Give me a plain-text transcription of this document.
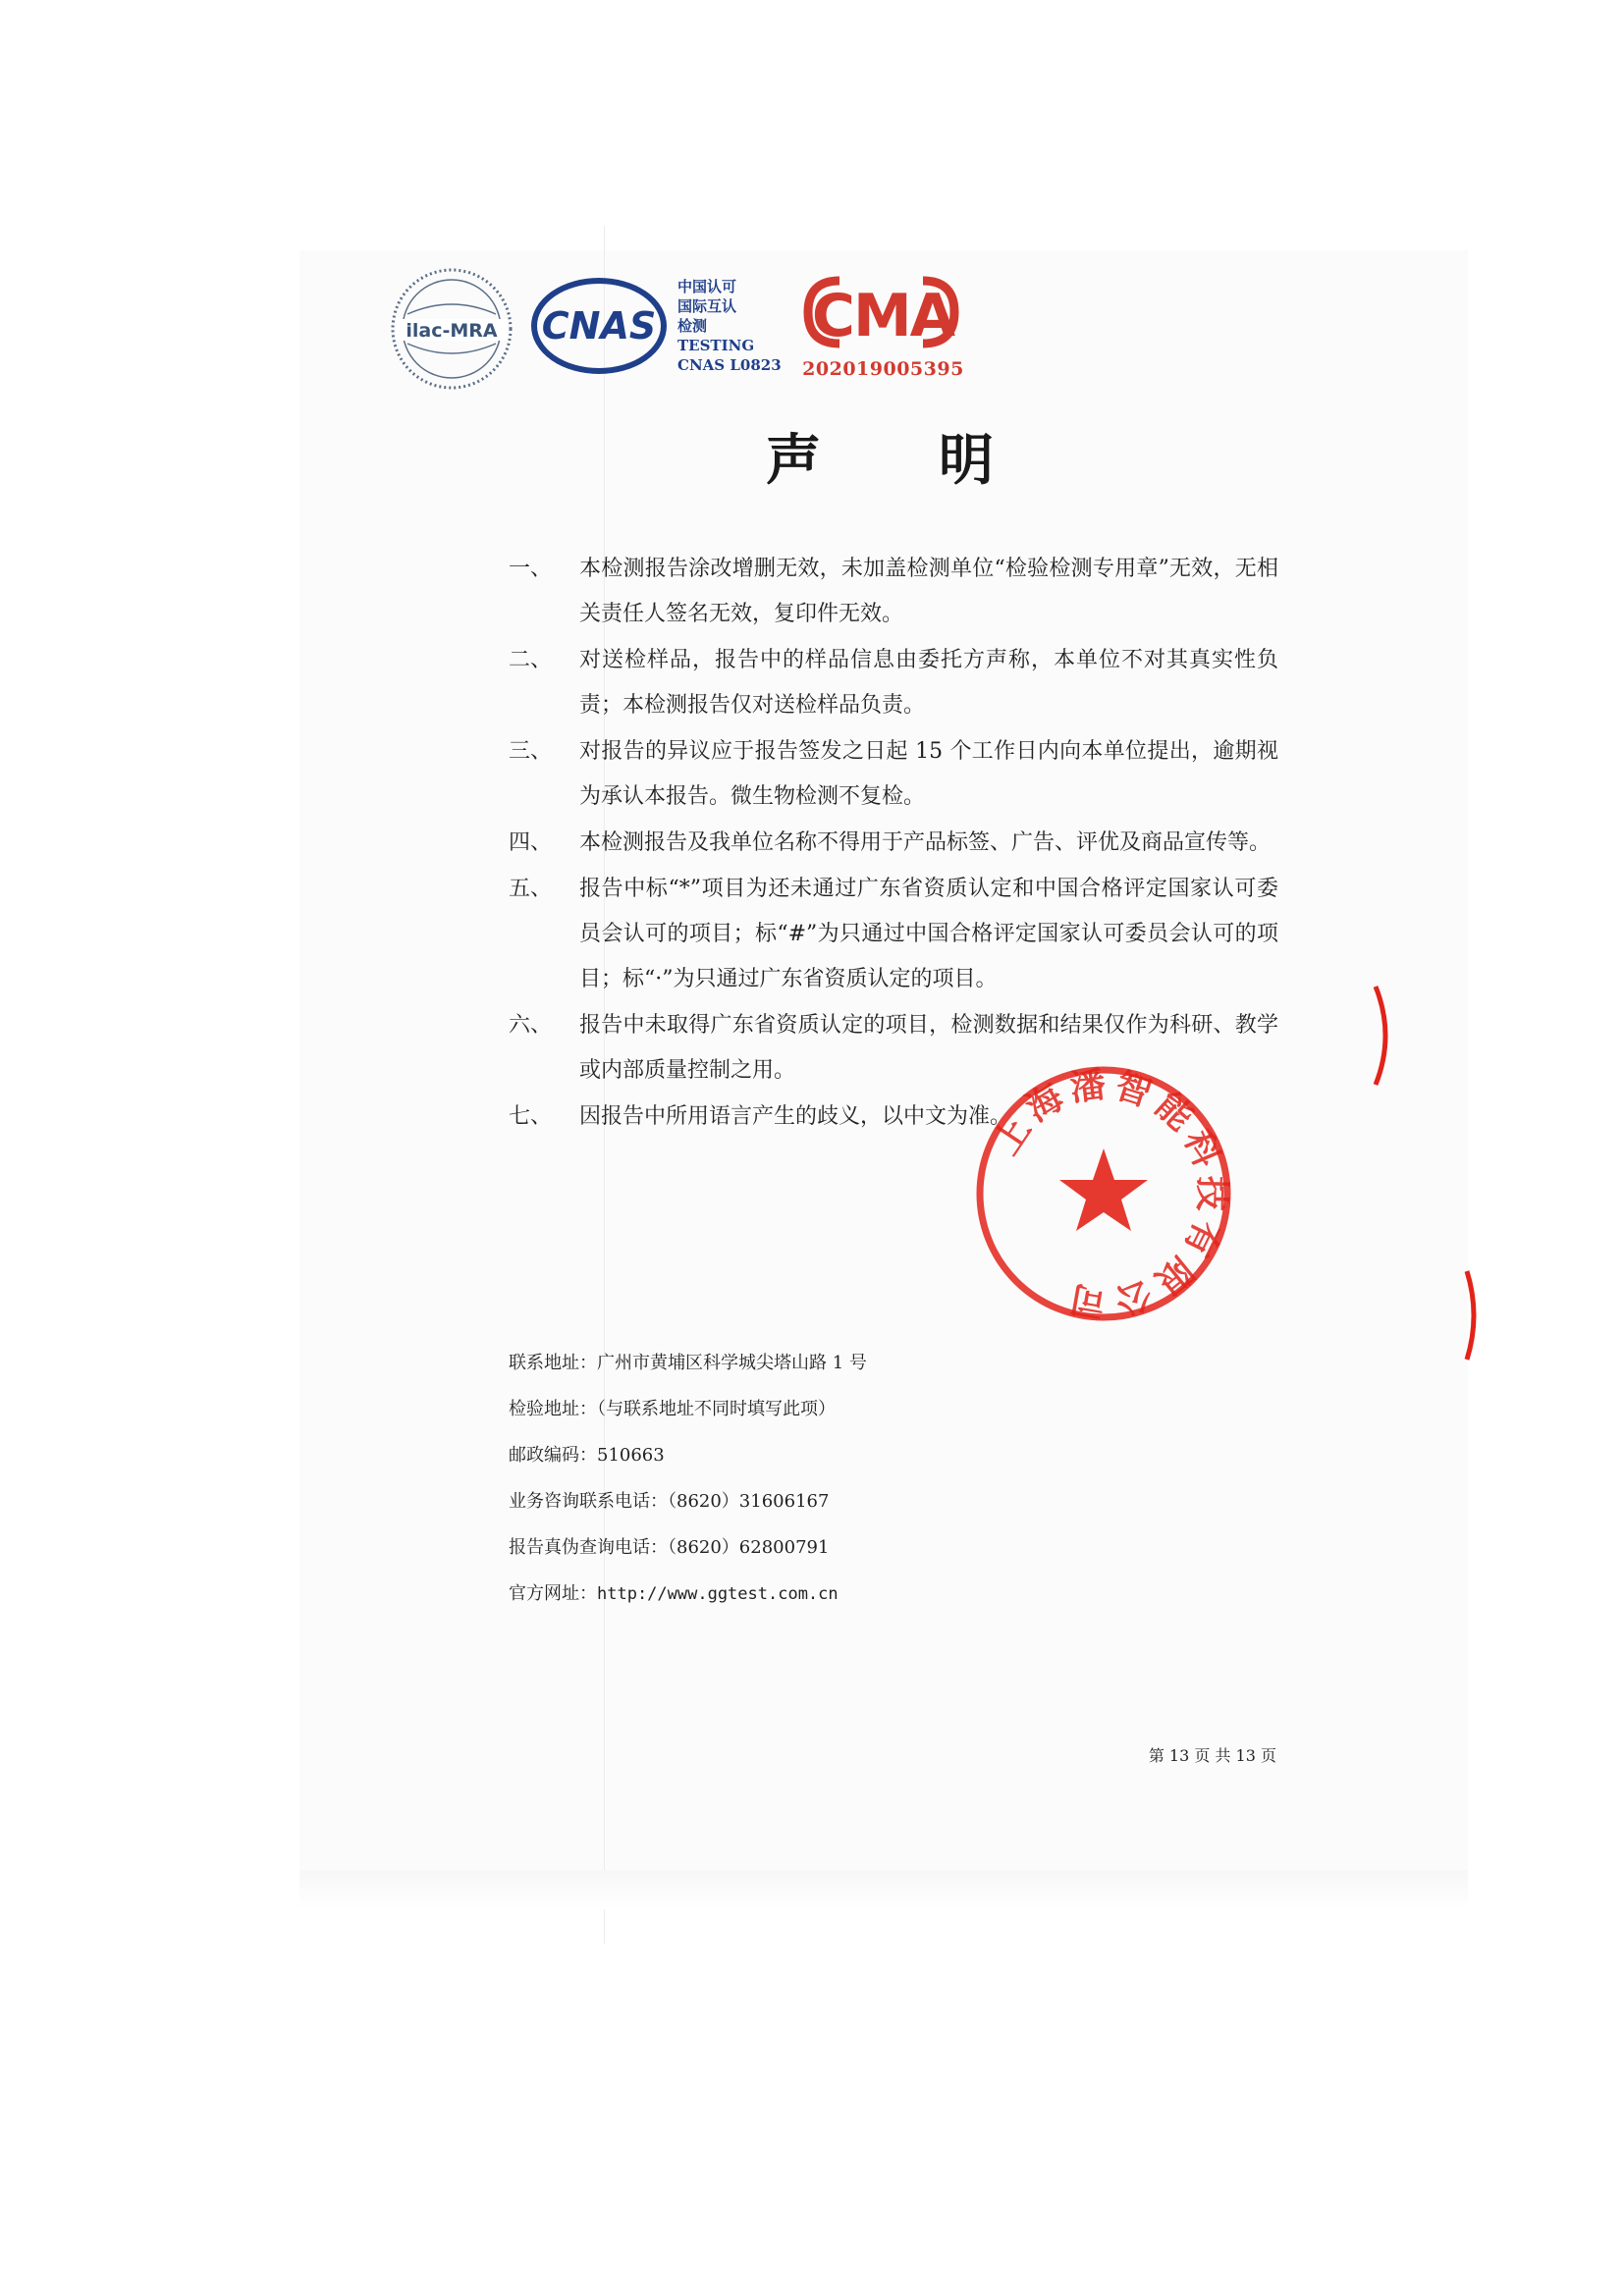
ilac-MRA CNAS
中国认可
国际互认
检测
TESTING
CNAS L0823
CMA
202019005395
声明
一、	本检测报告涂改增删无效，未加盖检测单位“检验检测专用章”无效，无相关责任人签名无效，复印件无效。
二、	对送检样品，报告中的样品信息由委托方声称，本单位不对其真实性负责；本检测报告仅对送检样品负责。
三、	对报告的异议应于报告签发之日起 15 个工作日内向本单位提出，逾期视为承认本报告。微生物检测不复检。
四、	本检测报告及我单位名称不得用于产品标签、广告、评优及商品宣传等。
五、	报告中标“*”项目为还未通过广东省资质认定和中国合格评定国家认可委员会认可的项目；标“#”为只通过中国合格评定国家认可委员会认可的项目；标“·”为只通过广东省资质认定的项目。
六、	报告中未取得广东省资质认定的项目，检测数据和结果仅作为科研、教学或内部质量控制之用。
七、	因报告中所用语言产生的歧义，以中文为准。
联系地址：广州市黄埔区科学城尖塔山路 1 号
检验地址：（与联系地址不同时填写此项）
邮政编码：510663
业务咨询联系电话：（8620）31606167
报告真伪查询电话：（8620）62800791
官方网址：http://www.ggtest.com.cn
第 13 页 共 13 页
上海潘智能科技有限公司
